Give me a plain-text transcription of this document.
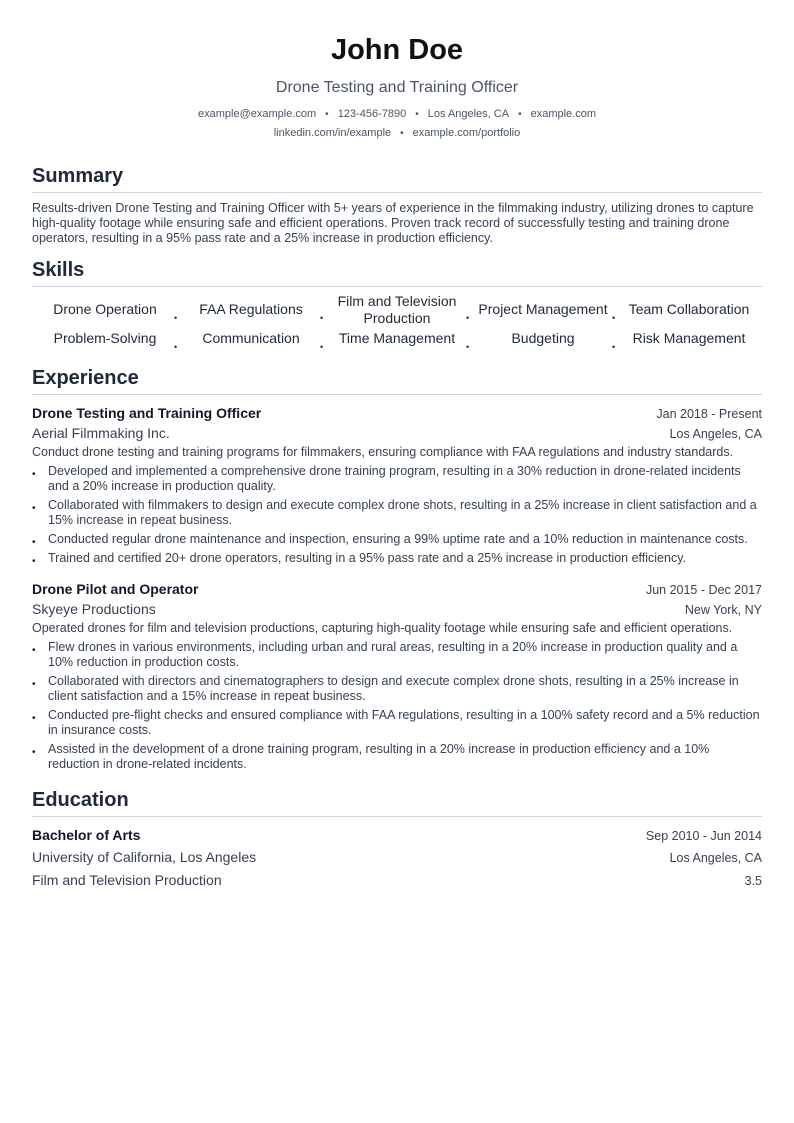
John Doe
Drone Testing and Training Officer
example@example.com • 123-456-7890 • Los Angeles, CA • example.com
linkedin.com/in/example • example.com/portfolio
Summary
Results-driven Drone Testing and Training Officer with 5+ years of experience in the filmmaking industry, utilizing drones to capture high-quality footage while ensuring safe and efficient operations. Proven track record of successfully testing and training drone operators, resulting in a 95% pass rate and a 25% increase in production efficiency.
Skills
Drone Operation
•
FAA Regulations
•
Film and Television Production	•
Project Management
•
Team Collaboration
Problem-Solving
•
Communication
•
Time Management
•
Budgeting
•
Risk Management
Experience
Drone Testing and Training Officer	Jan 2018 - Present
Aerial Filmmaking Inc.	Los Angeles, CA
Conduct drone testing and training programs for filmmakers, ensuring compliance with FAA regulations and industry standards.
• Developed and implemented a comprehensive drone training program, resulting in a 30% reduction in drone-related incidents and a 20% increase in production quality.
• Collaborated with filmmakers to design and execute complex drone shots, resulting in a 25% increase in client satisfaction and a 15% increase in repeat business.
• Conducted regular drone maintenance and inspection, ensuring a 99% uptime rate and a 10% reduction in maintenance costs.
• Trained and certified 20+ drone operators, resulting in a 95% pass rate and a 25% increase in production efficiency.
Drone Pilot and Operator	Jun 2015 - Dec 2017
Skyeye Productions	New York, NY
Operated drones for film and television productions, capturing high-quality footage while ensuring safe and efficient operations.
• Flew drones in various environments, including urban and rural areas, resulting in a 20% increase in production quality and a 10% reduction in production costs.
• Collaborated with directors and cinematographers to design and execute complex drone shots, resulting in a 25% increase in client satisfaction and a 15% increase in repeat business.
• Conducted pre-flight checks and ensured compliance with FAA regulations, resulting in a 100% safety record and a 5% reduction in insurance costs.
• Assisted in the development of a drone training program, resulting in a 20% increase in production efficiency and a 10% reduction in drone-related incidents.
Education
Bachelor of Arts	Sep 2010 - Jun 2014
University of California, Los Angeles	Los Angeles, CA
Film and Television Production	3.5
